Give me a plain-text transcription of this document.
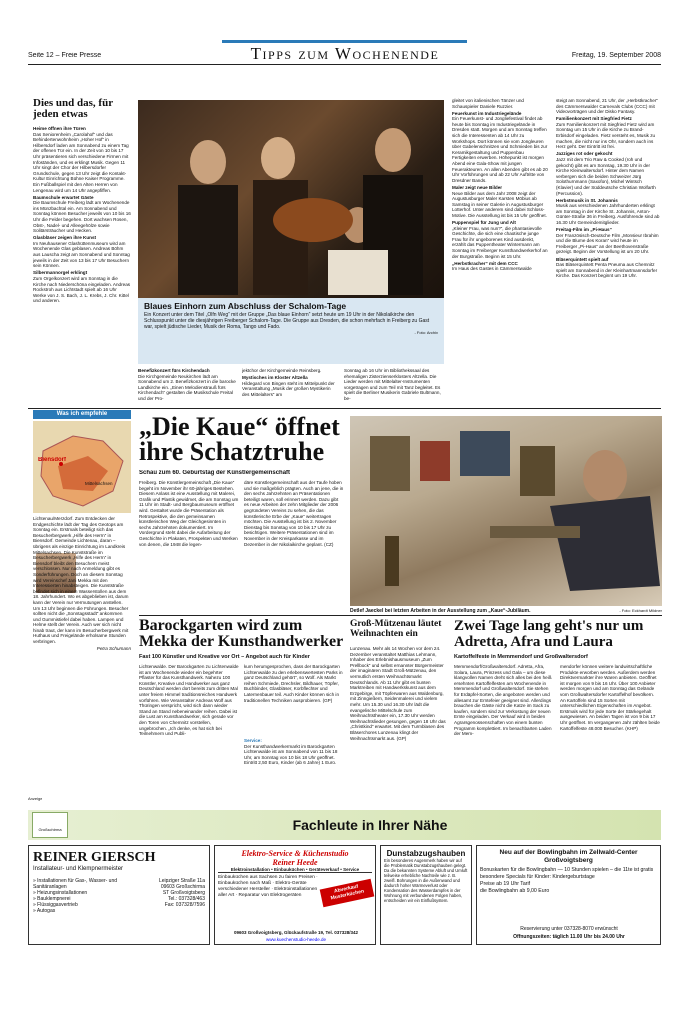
Seite 12 – Freie Presse	Tipps zum Wochenende	Freitag, 19. September 2008
Dies und das, für jeden etwas
Heime öffnen ihre Türen

Das Seniorenheim „Carolahof“ und das Behindertenwohnheim „Hoher Hof“ in Hilbersdorf laden am Sonnabend zu einem Tag der offenen Tür ein. In der Zeit von 10 bis 17 Uhr präsentieren sich verschiedene Firmen mit Infoständen, und es erklingt Musik. Gegen 11 Uhr singt der Chor der Hilbersdorfer Grundschule, gegen 13 Uhr zeigt die Kontakt-Kultur Einrichtung Bühne Kaiser Programme. Ein Fußballspiel mit den Alten Herren von Lengenau wird um 14 Uhr angepfiffen.

Baumschule erwartet Gäste

Die Baumschule Freiberg lädt am Wochenende ins Münzbachtal ein. Am Sonnabend und Sonntag können Besucher jeweils von 10 bis 16 Uhr die Felder begehen. Dort wachsen Rosen, Obst-, Nadel- und Alleegehölze sowie Solitärsträucher und Hecken.

Glasbläser zeigen ihre Kunst

Im Neuhausener Glashüttenmuseum wird am Wochenende Glas geblasen. Andreas Böhm aus Lauscha zeigt am Sonnabend und Sonntag jeweils in der Zeit von 13 bis 17 Uhr Besuchern sein Können.

Silbermannorgel erklingt

Zum Orgelkonzert wird am Sonntag in die Kirche nach Niederschöna eingeladen. Andreas Rockstroh aus Lichtstadt spielt ab 16 Uhr Werke von J. S. Bach, J. L. Krebs, J. Chr. Kittel und anderen.

Blaues Einhorn zum Abschluss der Schalom-Tage
Ein Konzert unter dem Titel „Olfn Weg“ mit der Gruppe „Das blaue Einhorn“ setzt heute um 19 Uhr in der Nikolaikirche den Schlusspunkt unter die diesjährigen Freiberger Schalom-Tage. Die Gruppe aus Dresden, die schon mehrfach in Freiberg zu Gast war, spielt jüdische Lieder, Musik der Roma, Tango und Fado.
- Foto: Archiv
Benefizkonzert fürs Kirchendach

Die Kirchgemeinde Neukirchen lädt am Sonnabend um 2. Benefizkonzert in die barocke Landkirche ein. „Einen Melodienstrauß fürs Kirchendach“ gestalten die Musikschule Freital und der Pro-

jektchor der Kirchgemeinde Reinsberg.

Mystisches im Kloster Altzella

Hildegard von Bingen steht im Mittelpunkt der Veranstaltung „Musik der großen Mystikerin des Mittelalters“ am

Sonntag ab 16 Uhr im Bibliothekssaal des ehemaligen Zisterzienserklosters Altzella. Die Lieder werden mit Mittelalter-Instrumenten vorgetragen und zum Teil mit Tanz begleitet. Es spielt die Berliner Musikerin Gabriele Bultmann, be-

gleitet von italienischen Tänzer und Schauspieler Daniele Ruzzier.

Feuerkunst im Industriegelände

Ein Feuerkunst- und Jongliefestival findet ab heute bis Sonntag im Industriegelände in Dresden statt. Morgen und am Sonntag treffen sich die Interessenten ab 14 Uhr zu Workshops. Dort können sie vom Jongleuren über Gabelenschnitzen und Schmieden bis zur Keramikgestaltung und Puppenbau Fertigkeiten erwerben. Höhepunkt ist morgen Abend eine Gala-Show mit jungen Feuerakteuren. An allen Abenden gibt es ab 20 Uhr Vorführungen und ab 22 Uhr Auftritte von Dresdner Bands.

Maler zeigt neue Bilder

Neue Bilder aus dem Jahr 2008 zeigt der Augustusburger Maler Karsten Möbius ab Samstag in seiner Galerie in Augustusburger Lotterhof. Unter anderem sind dabei Schloss-Motive. Die Ausstellung ist bis 15 Uhr geöffnet.

Puppenspiel für Jung und Alt

„Kleiner Frau, was nun?“, die phantasievolle Geschichte, die sich eine chaotische junge Frau für ihr ungeborenes Kind ausdenkt, erzählt das Puppentheater Wintermann am Sonntag im Freiberger Kunsthandwerkerhof an der Burgstraße. Beginn ist 15 Uhr.

„Herbstkracher“ mit dem CCC

Im Haus des Gastes in Cämmerswalde

steigt am Sonnabend, 21 Uhr, der „Herbstkracher“ des Cämmerswalder Carnevals Clubs (CCC) mit Videovorträgen und der Disko Fantasy.

Familienkonzert mit Siegfried Fietz

Zum Familienkonzert mit Siegfried Fietz wird am Sonntag um 15 Uhr in die Kirche zu Brand-Erbisdorf eingeladen. Fietz versteht es, Musik zu machen, die nicht nur ins Ohr, sondern auch ins Herz geht. Der Eintritt ist frei.

Jazziges rot oder gekocht

Jazz mit dem Trio Raw & Cooked (roh und gekocht) gibt es am Sonntag, 19.30 Uhr in der Kirche Kleinwaltersdorf. Hinter dem Namen verbergen sich die beiden Schweizer Jürg Solothurnmann (Saxofon), Michel Wintsch (Klavier) und der Süddeutsche Christian Wolfarth (Percussion).

Herbstmusik in St. Johannis

Musik aus verschiedenen Jahrhunderten erklingt am Sonntag in der Kirche St. Johannis, Anton-Günter-Straße 36 in Freiberg. Ausführende sind ab 16.30 Uhr Gemeindemitglieder.

Freitag-Film im „Pi-Haus“

Der Französisch-Deutsche Film „Monsieur Ibrahim und die Blume des Koran“ wird heute im Freiberger „Pi-Haus“ an der Beethovenstraße gezeigt. Beginn der Vorstellung ist um 20 Uhr.

Bläserquintett spielt auf

Das Bläserquintett Penta Pneuma aus Chemnitz spielt am Sonnabend in der Kleinhartmannsdorfer Kirche. Das Konzert beginnt um 19 Uhr.

Was ich empfehle
Biensdorf
Mittelsachsen

Lichtenau/Merzdorf. Zum Entdecken der Endgeschichte lädt der Tag des Geotops am Sonntag ein. Erstmals beteiligt sich das Besucherbergwerk „Hilfe des Herrn“ in Biensdorf. Gemeinde Lichtenau, daran – übrigens als einzige Einrichtung im Landkreis Mittelsachsen. Die Kunststraße im Besucherbergwerk „Hilfe des Herrn“ in Biensdorf bleibt den Besuchern meist verschlossen. Nur nach Anmeldung gibt es Sonderführungen. Doch an diesem Sonntag wird Vereinschef Jani Mekka mit den Interessierten hinabsteigen. Die Kunststraße befindet sich in einem Wasserstollen aus dem 18. Jahrhundert. Wo es abgeblieben ist, darum kann der Verein nur Vermutungen anstellen. Um 13 Uhr beginnen die Führungen. Besucher sollten nicht die „Sonntagsstadt“ ankommen und Gummistiefel dabei haben. Lampen und Helme stellt der Verein. Auch wer sich nicht hinab traut, der kann im Besucherbergwerk mit Huthaus und Freigelände erholsame Stunden verbringen.

Petra Schumann
„Die Kaue“ öffnet ihre Schatztruhe
Schau zum 60. Geburtstag der Künstlergemeinschaft
Freiberg. Die Künstlergemeinschaft „Die Kaue“ begeht im November ihr 60-jähriges Bestehen. Diesem Anlass ist eine Ausstellung mit Malerei, Grafik und Plastik gewidmet, die am Sonntag um 11 Uhr im Stadt- und Bergbaumuseum eröffnet wird. Gestaltet wurde die Präsentation als Retrospektive, die den gemeinsamen künstlerischen Weg der Gleichgesinnten in sechs Jahrzehnten dokumentiert. Im Vordergrund steht dabei die Aufarbeitung der Geschichte in Plakaten, Prospekten und Werken von denen, die 1948 die legen-
däre Künstlergemeinschaft aus der Taufe hoben und sie maßgeblich prägten. Auch an jene, die in den sechs Jahrzehnten an Präsentationen beteiligt waren, soll erinnert werden. Dazu gibt es neue Arbeiten der zehn Mitglieder der 2006 gegründeten Vereins zu sehen, die das künstlerische Erbe der „Kaue“ weitertragen möchten. Die Ausstellung ist bis 2. November Dienstag bis Sonntag von 10 bis 17 Uhr zu besichtigen. Weitere Präsentationen sind im November in der Kreisparkasse und im Dezember in der Nikolaikirche geplant. (CZ)
Detlef Jaeckel bei letzten Arbeiten in der Ausstellung zum „Kaue“-Jubiläum.	- Foto: Eckhardt Mildner
Barockgarten wird zum Mekka der Kunsthandwerker
Fast 100 Künstler und Kreative vor Ort – Angebot auch für Kinder
Lichtenwalde. Der Barockgarten zu Lichtenwalde ist am Wochenende wieder ein begehrter Pflaster für das Kunsthandwerk. Nahezu 100 Künstler, Kreative und Handwerker aus ganz Deutschland werden dort bereits zum dritten Mal unter freiem Himmel traditionsreiches Handwerk vorführen. Wie Veranstalter Andreas Wolf aus Thüringen verspricht, wird sich dann wieder Stand an Stand nebeneinander reihen. Dabei ist die Lust am Kunsthandwerker, sich gerade vor den Toren von Chemnitz vorstellen, ungebrochen. „Ich denke, es hat sich bei Teilnehmern und Publi-
kum herumgesprochen, dass der Barockgarten Lichtenwalde zu den erlebenswertesten Parks in ganz Deutschland gehört“, so Wolf. Als Markt reihen Schmiede, Drechsler, Bildhauer, Töpfer, Buchbinder, Glasbläser, Korbflechter und Laternenbauer teil. Auch Kinder können sich in traditionellen Techniken ausprobieren. (GP)
Service:

Der Kunsthandwerkermarkt im Barockgarten Lichtenwalde ist am Sonnabend von 11 bis 18 Uhr, am Sonntag von 10 bis 18 Uhr geöffnet. Eintritt 2,50 Euro, Kinder (ab 6 Jahre) 1 Euro.

Groß-Mützenau läutet Weihnachten ein
Lunzenau. Mehr als 14 Wochen vor dem 24. Dezember veranstaltet Matthias Lehmann, Inhaber des Erlebnishausmuseum „Zum Prellbock“ und selbst ernannter Bürgermeister der imaginären Stadt Groß-Mützenau, den vermutlich ersten Weihnachtsmarkt Deutschlands. Ab 11 Uhr gibt es bunten Marktreiben mit Handwerkskunst aus dem Erzgebirge, mit Töpferwaren aus Waldenburg, mit Zinngießern, Seidenmalerei und vielem mehr. Um 15.30 und 16.30 Uhr lädt die evangelische Mittelschule zum Weihnachtstheater ein, 17.30 Uhr werden Weihnachtslieder gesungen, gegen 18 Uhr das „Christkind“ erwartet. Mit dem Turmblasen des Bläserchores Lunzenau klingt der Weihnachtsmarkt aus. (GP)
Zwei Tage lang geht's nur um Adretta, Afra und Laura
Kartoffelfeste in Memmendorf und Großwaltersdorf
Memmendorf/Großwaltersdorf. Adretta, Afra, Solara, Laura, Prinzess und Gala – um diese klangvollen Namen dreht sich alles bei den heiß ersehnten Kartoffelfesten am Wochenende in Memmendorf und Großwaltersdorf. Sie stehen für Erdäpfel-Sorten, die angeboten werden und allesamt zur Erntefeier geeignet sind. Allerdings brauchen die Gäste nicht die Katze im Sack zu kaufen, sondern sind zur Verkostung der neuen Ernte eingeladen. Der Verkauf wird in beiden Agrarsgenossenschaften von einem bunten Programm komplettiert. Im benachbarten Laden der Mem-
mendorfer können weitere landwirtschaftliche Produkte erworben werden. Außerdem werden Direktvermarkter ihre Waren anbieten. Geöffnet ist morgen von 9 bis 16 Uhr. Über 100 Anbieter werden morgen und am Sonntag das Gelände vom Großwaltersdorfer Kartoffelhof bevölkern. An Kartoffeln sind 15 Sorten mit unterschiedlichen Eigenschaften im Angebot. Erstmals wird für jede Sorte der Stärkegehalt ausgewiesen. An beiden Tagen ist von 9 bis 17 Uhr geöffnet. Im vergangenen Jahr zählten beide Kartoffelfeste 48.000 Besucher. (KHP)
Anzeige
Großschirma	Fachleute in Ihrer Nähe
REINER GIERSCH
Installateur- und Klempnermeister
» Installationen für Gas-, Wasser- und Sanitäranlagen
» Heizungsinstallationen
» Bauklempnerei
» Flüssiggasvertrieb
» Autogas
Leipziger Straße 11a
09603 Großschirma
ST Großvoigtsberg
Tel.: 037328/463
Fax: 037328/7596
Elektro-Service & Küchenstudio
Reiner Heede
Elektroinstallation • Einbauküchen • Geräteverkauf • Service
Einbauküchen aus Sachsen zu fairen Preisen · Einbauküchen nach Maß · Elektro-Geräte verschiedener Hersteller · Elektroinstallationen aller Art · Reparatur von Elektrogeräten
Abverkauf Musterküchen
09603 Großvoigtsberg, Glückaufstraße 19, Tel. 037328/342
www.kuechenstudio-heede.de
Dunstabzugshauben
Ein besonderes Augenmerk haben wir auf die Problematik Dunstabzugshauben gelegt. Da die bekannten Systeme Abluft und Umluft teilweise erhebliche Nachteile wie z. B. zweifl. Bohrungen in die Außenwand und dadurch hoher Wärmeverlust oder Kondensation des Wasserdampfes in der Wohnung mit verbundenen Folgen haben, entscheiden wir ein Einflußsystem.
Neu auf der Bowlingbahn im Zellwald-Center Großvoigtsberg
Bonuskarten für die Bowlingbahn — 10 Stunden spielen – die 11te ist gratis
besondere Specials für Kinder: Kindergeburtstage
Preise ab 19 Uhr Tarif
die Bowlingbahn ab 9,00 Euro
Reservierung unter 037328-8070 erwünscht
Öffnungszeiten: täglich 11.00 Uhr bis 24.00 Uhr
